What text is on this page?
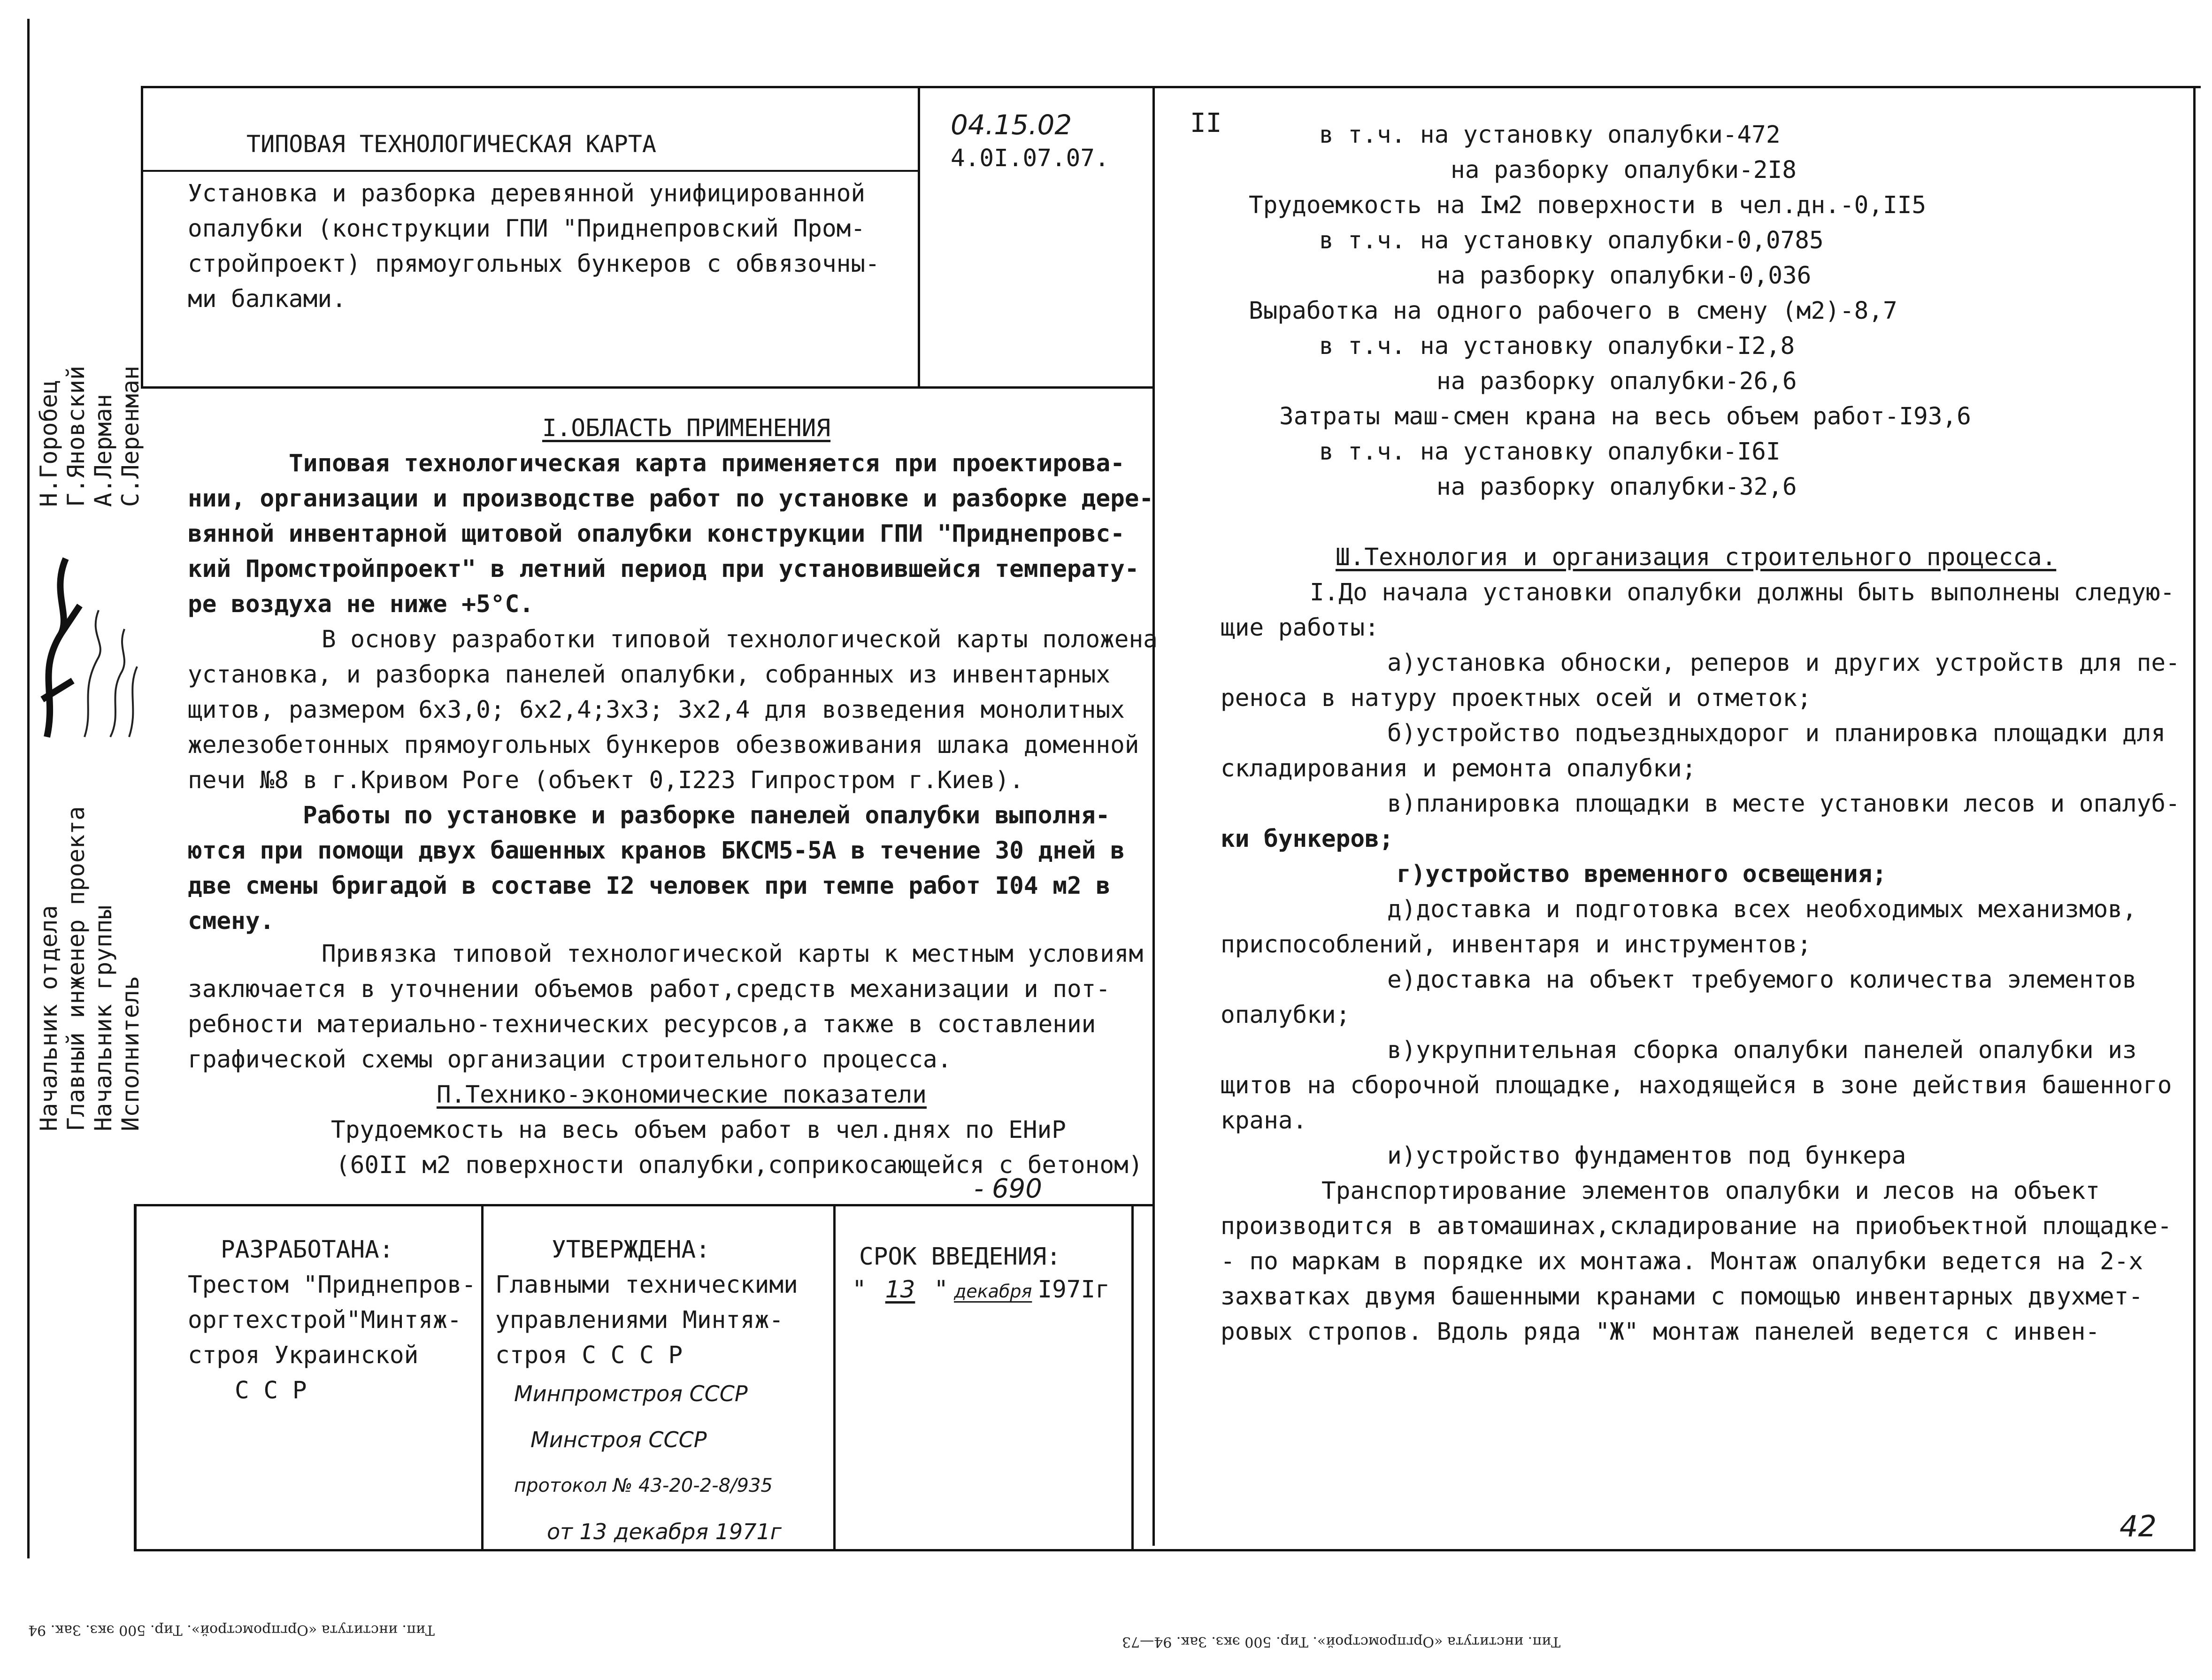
ТИПОВАЯ ТЕХНОЛОГИЧЕСКАЯ КАРТА
Установка и разборка деревянной унифицированной
опалубки (конструкции ГПИ "Приднепровский Пром-
стройпроект) прямоугольных бункеров с обвязочны-
ми балками.
04.15.02
4.0I.07.07.
Н.Горобец Г.Яновский А.Лерман С.Леренман
Начальник отдела Главный инженер проекта Начальник группы Исполнитель
I.ОБЛАСТЬ ПРИМЕНЕНИЯ
Типовая технологическая карта применяется при проектирова-
нии, организации и производстве работ по установке и разборке дере-
вянной инвентарной щитовой опалубки конструкции ГПИ "Приднепровс-
кий Промстройпроект" в летний период при установившейся температу-
ре воздуха не ниже +5°С.
В основу разработки типовой технологической карты положена
установка, и разборка панелей опалубки, собранных из инвентарных
щитов, размером 6х3,0; 6х2,4;3х3; 3х2,4 для возведения монолитных
железобетонных прямоугольных бункеров обезвоживания шлака доменной
печи №8 в г.Кривом Роге (объект 0,I223 Гипростром г.Киев).
Работы по установке и разборке панелей опалубки выполня-
ются при помощи двух башенных кранов БКСМ5-5А в течение 30 дней в
две смены бригадой в составе I2 человек при темпе работ I04 м2 в
смену.
Привязка типовой технологической карты к местным условиям
заключается в уточнении объемов работ,средств механизации и пот-
ребности материально-технических ресурсов,а также в составлении
графической схемы организации строительного процесса.
П.Технико-экономические показатели
Трудоемкость на весь объем работ в чел.днях по ЕНиР
(60II м2 поверхности опалубки,соприкосающейся с бетоном)
- 690
РАЗРАБОТАНА:
Трестом "Приднепров-
оргтехстрой"Минтяж-
строя Украинской
С С Р
УТВЕРЖДЕНА:
Главными техническими
управлениями Минтяж-
строя С С С Р
Минпромстроя СССР
Минстроя СССР
протокол № 43-20-2-8/935
от 13 декабря 1971г
СРОК ВВЕДЕНИЯ:
" 13 " декабря I97Iг
II	в т.ч. на установку опалубки-472
на разборку опалубки-2I8
Трудоемкость на Iм2 поверхности в чел.дн.-0,II5
в т.ч. на установку опалубки-0,0785
на разборку опалубки-0,036
Выработка на одного рабочего в смену (м2)-8,7
в т.ч. на установку опалубки-I2,8
на разборку опалубки-26,6
Затраты маш-смен крана на весь объем работ-I93,6
в т.ч. на установку опалубки-I6I
на разборку опалубки-32,6
Ш.Технология и организация строительного процесса.
I.До начала установки опалубки должны быть выполнены следую-
щие работы:
а)установка обноски, реперов и других устройств для пе-
реноса в натуру проектных осей и отметок;
б)устройство подъездныхдорог и планировка площадки для
складирования и ремонта опалубки;
в)планировка площадки в месте установки лесов и опалуб-
ки бункеров;
г)устройство временного освещения;
д)доставка и подготовка всех необходимых механизмов,
приспособлений, инвентаря и инструментов;
е)доставка на объект требуемого количества элементов
опалубки;
в)укрупнительная сборка опалубки панелей опалубки из
щитов на сборочной площадке, находящейся в зоне действия башенного
крана.
и)устройство фундаментов под бункера
Транспортирование элементов опалубки и лесов на объект
производится в автомашинах,складирование на приобъектной площадке-
- по маркам в порядке их монтажа. Монтаж опалубки ведется на 2-х
захватках двумя башенными кранами с помощью инвентарных двухмет-
ровых стропов. Вдоль ряда "Ж" монтаж панелей ведется с инвен-
42
Тип. института «Оргпромстрой». Тир. 500 экз. Зак. 94
Тип. института «Оргпромстрой». Тир. 500 экз. Зак. 94—73
